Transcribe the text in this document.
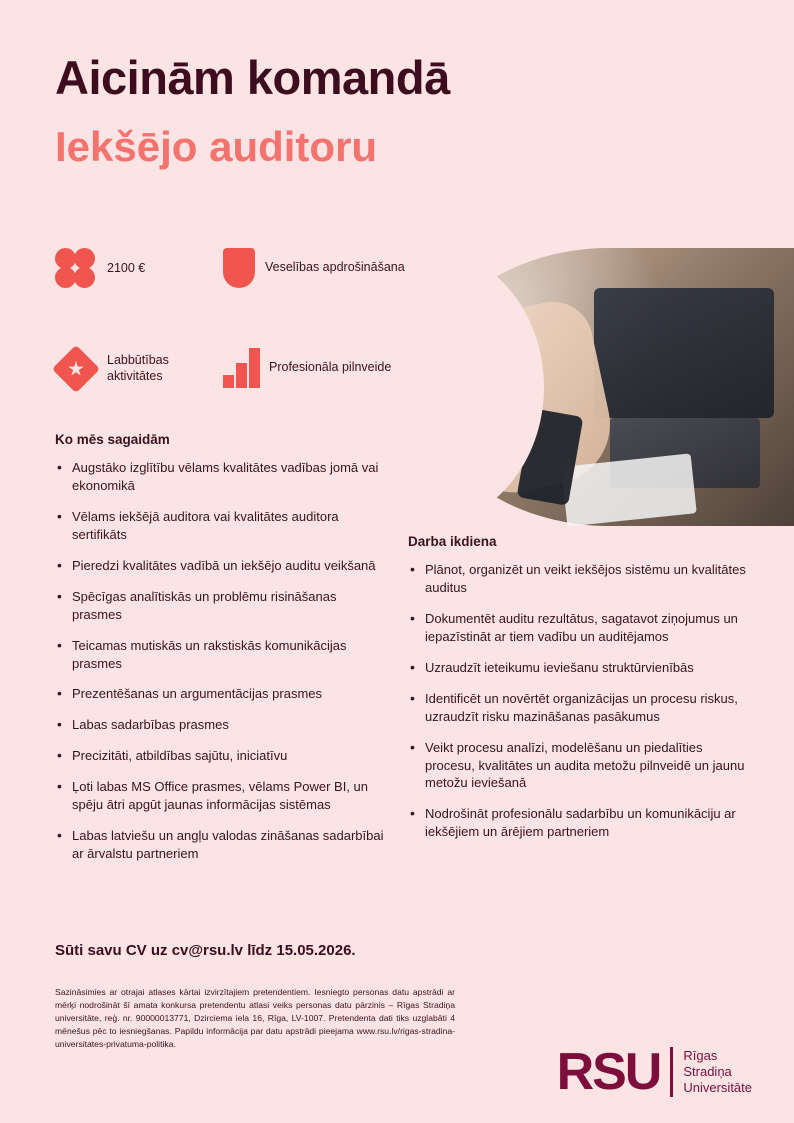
Aicinām komandā
Iekšējo auditoru
2100 €	Veselības apdrošināšana
Labbūtības aktivitātes
Profesionāla pilnveide
Ko mēs sagaidām
• Augstāko izglītību vēlams kvalitātes vadības jomā vai ekonomikā
• Vēlams iekšējā auditora vai kvalitātes auditora sertifikāts
• Pieredzi kvalitātes vadībā un iekšējo auditu veikšanā
• Spēcīgas analītiskās un problēmu risināšanas prasmes
• Teicamas mutiskās un rakstiskās komunikācijas prasmes
• Prezentēšanas un argumentācijas prasmes
• Labas sadarbības prasmes
• Precizitāti, atbildības sajūtu, iniciatīvu
• Ļoti labas MS Office prasmes, vēlams Power BI, un spēju ātri apgūt jaunas informācijas sistēmas
• Labas latviešu un angļu valodas zināšanas sadarbībai ar ārvalstu partneriem
Darba ikdiena
• Plānot, organizēt un veikt iekšējos sistēmu un kvalitātes auditus
• Dokumentēt auditu rezultātus, sagatavot ziņojumus un iepazīstināt ar tiem vadību un auditējamos
• Uzraudzīt ieteikumu ieviešanu struktūrvienībās
• Identificēt un novērtēt organizācijas un procesu riskus, uzraudzīt risku mazināšanas pasākumus
• Veikt procesu analīzi, modelēšanu un piedalīties procesu, kvalitātes un audita metožu pilnveidē un jaunu metožu ieviešanā
• Nodrošināt profesionālu sadarbību un komunikāciju ar iekšējiem un ārējiem partneriem
Sūti savu CV uz cv@rsu.lv līdz 15.05.2026.
Sazināsimies ar otrajai atlases kārtai izvirzītajiem pretendentiem. Iesniegto personas datu apstrādi ar mērķi nodrošināt šī amata konkursa pretendentu atlasi veiks personas datu pārzinis – Rīgas Stradiņa universitāte, reģ. nr. 90000013771, Dzirciema iela 16, Rīga, LV-1007. Pretendenta dati tiks uzglabāti 4 mēnešus pēc to iesniegšanas. Papildu informācija par datu apstrādi pieejama www.rsu.lv/rigas-stradina-universitates-privatuma-politika.	RSU Rīgas
Stradiņa
Universitāte
